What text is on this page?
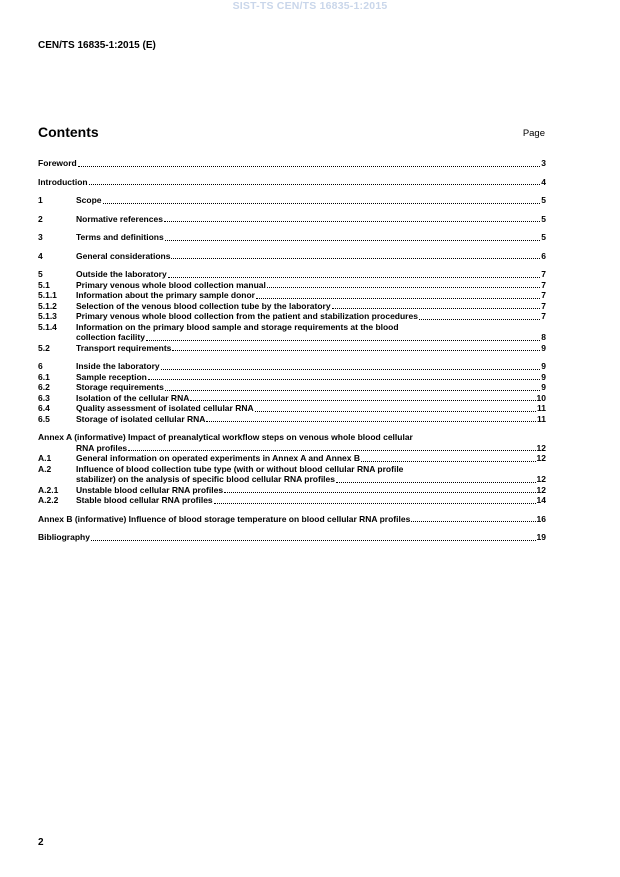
SIST-TS CEN/TS 16835-1:2015
CEN/TS 16835-1:2015 (E)
Contents	Page
Foreword	3
Introduction	4
1	Scope	5
2	Normative references	5
3	Terms and definitions	5
4	General considerations	6
5	Outside the laboratory	7
5.1	Primary venous whole blood collection manual	7
5.1.1	Information about the primary sample donor	7
5.1.2	Selection of the venous blood collection tube by the laboratory	7
5.1.3	Primary venous whole blood collection from the patient and stabilization procedures	7
5.1.4	Information on the primary blood sample and storage requirements at the blood
collection facility	8
5.2	Transport requirements	9
6	Inside the laboratory	9
6.1	Sample reception	9
6.2	Storage requirements	9
6.3	Isolation of the cellular RNA	10
6.4	Quality assessment of isolated cellular RNA	11
6.5	Storage of isolated cellular RNA	11
Annex A (informative) Impact of preanalytical workflow steps on venous whole blood cellular
RNA profiles	12
A.1	General information on operated experiments in Annex A and Annex B	12
A.2	Influence of blood collection tube type (with or without blood cellular RNA profile
stabilizer) on the analysis of specific blood cellular RNA profiles	12
A.2.1	Unstable blood cellular RNA profiles	12
A.2.2	Stable blood cellular RNA profiles	14
Annex B (informative) Influence of blood storage temperature on blood cellular RNA profiles	16
Bibliography	19
2
